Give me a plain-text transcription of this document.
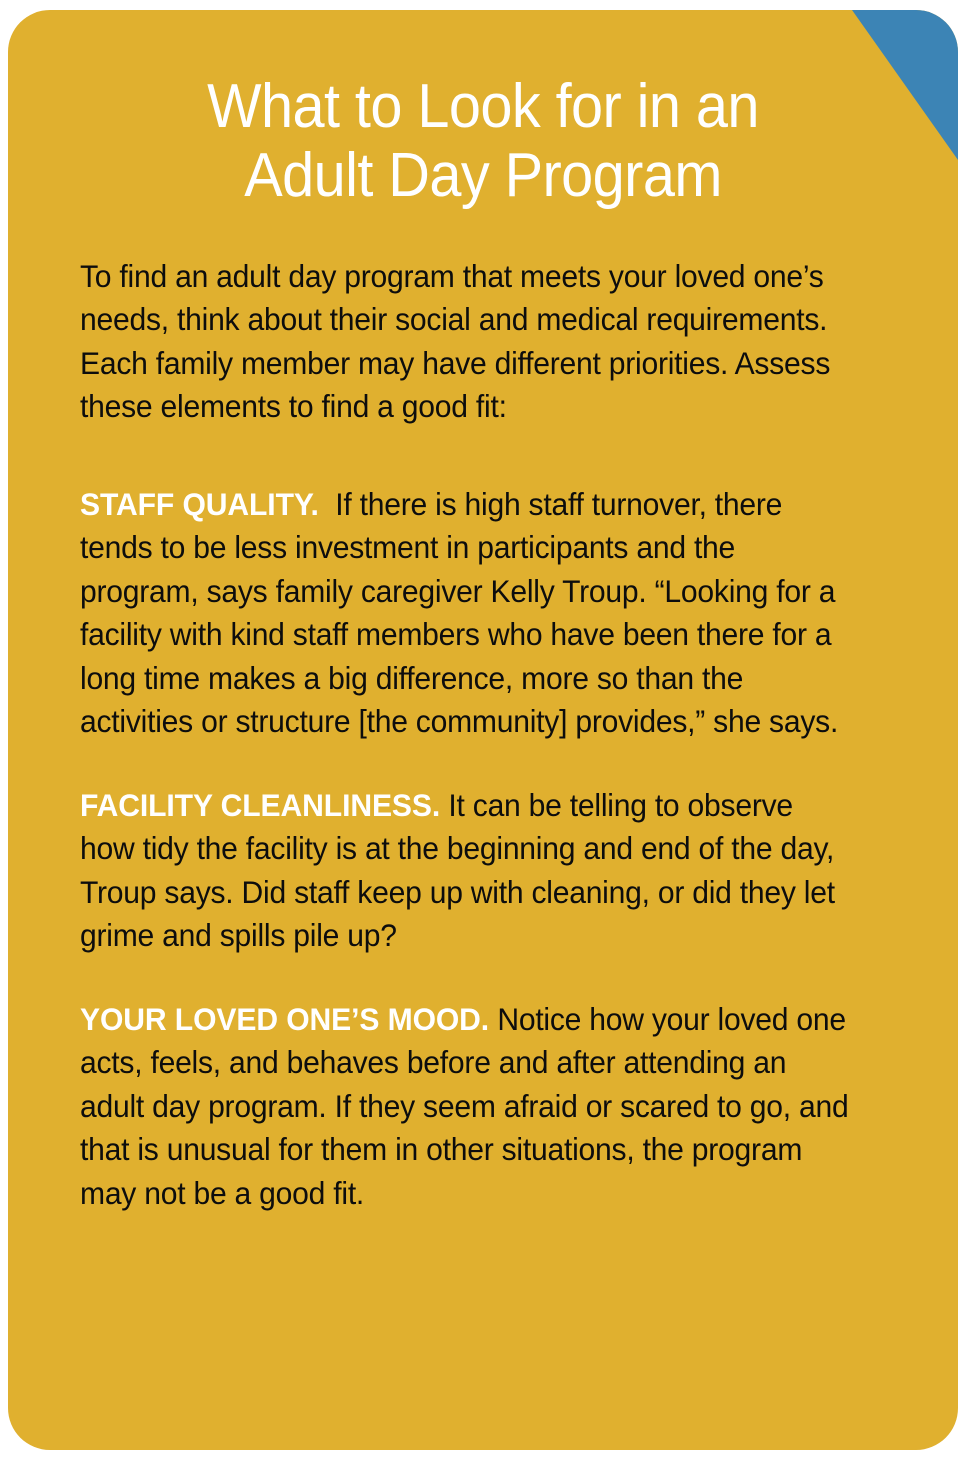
What to Look for in an
Adult Day Program

To find an adult day program that meets your loved one’s needs, think about their social and medical requirements. Each family member may have different priorities. Assess these elements to find a good fit:

STAFF QUALITY. If there is high staff turnover, there tends to be less investment in participants and the program, says family caregiver Kelly Troup. “Looking for a facility with kind staff members who have been there for a long time makes a big difference, more so than the activities or structure [the community] provides,” she says.

FACILITY CLEANLINESS. It can be telling to observe how tidy the facility is at the beginning and end of the day, Troup says. Did staff keep up with cleaning, or did they let grime and spills pile up?

YOUR LOVED ONE’S MOOD. Notice how your loved one acts, feels, and behaves before and after attending an adult day program. If they seem afraid or scared to go, and that is unusual for them in other situations, the program may not be a good fit.
